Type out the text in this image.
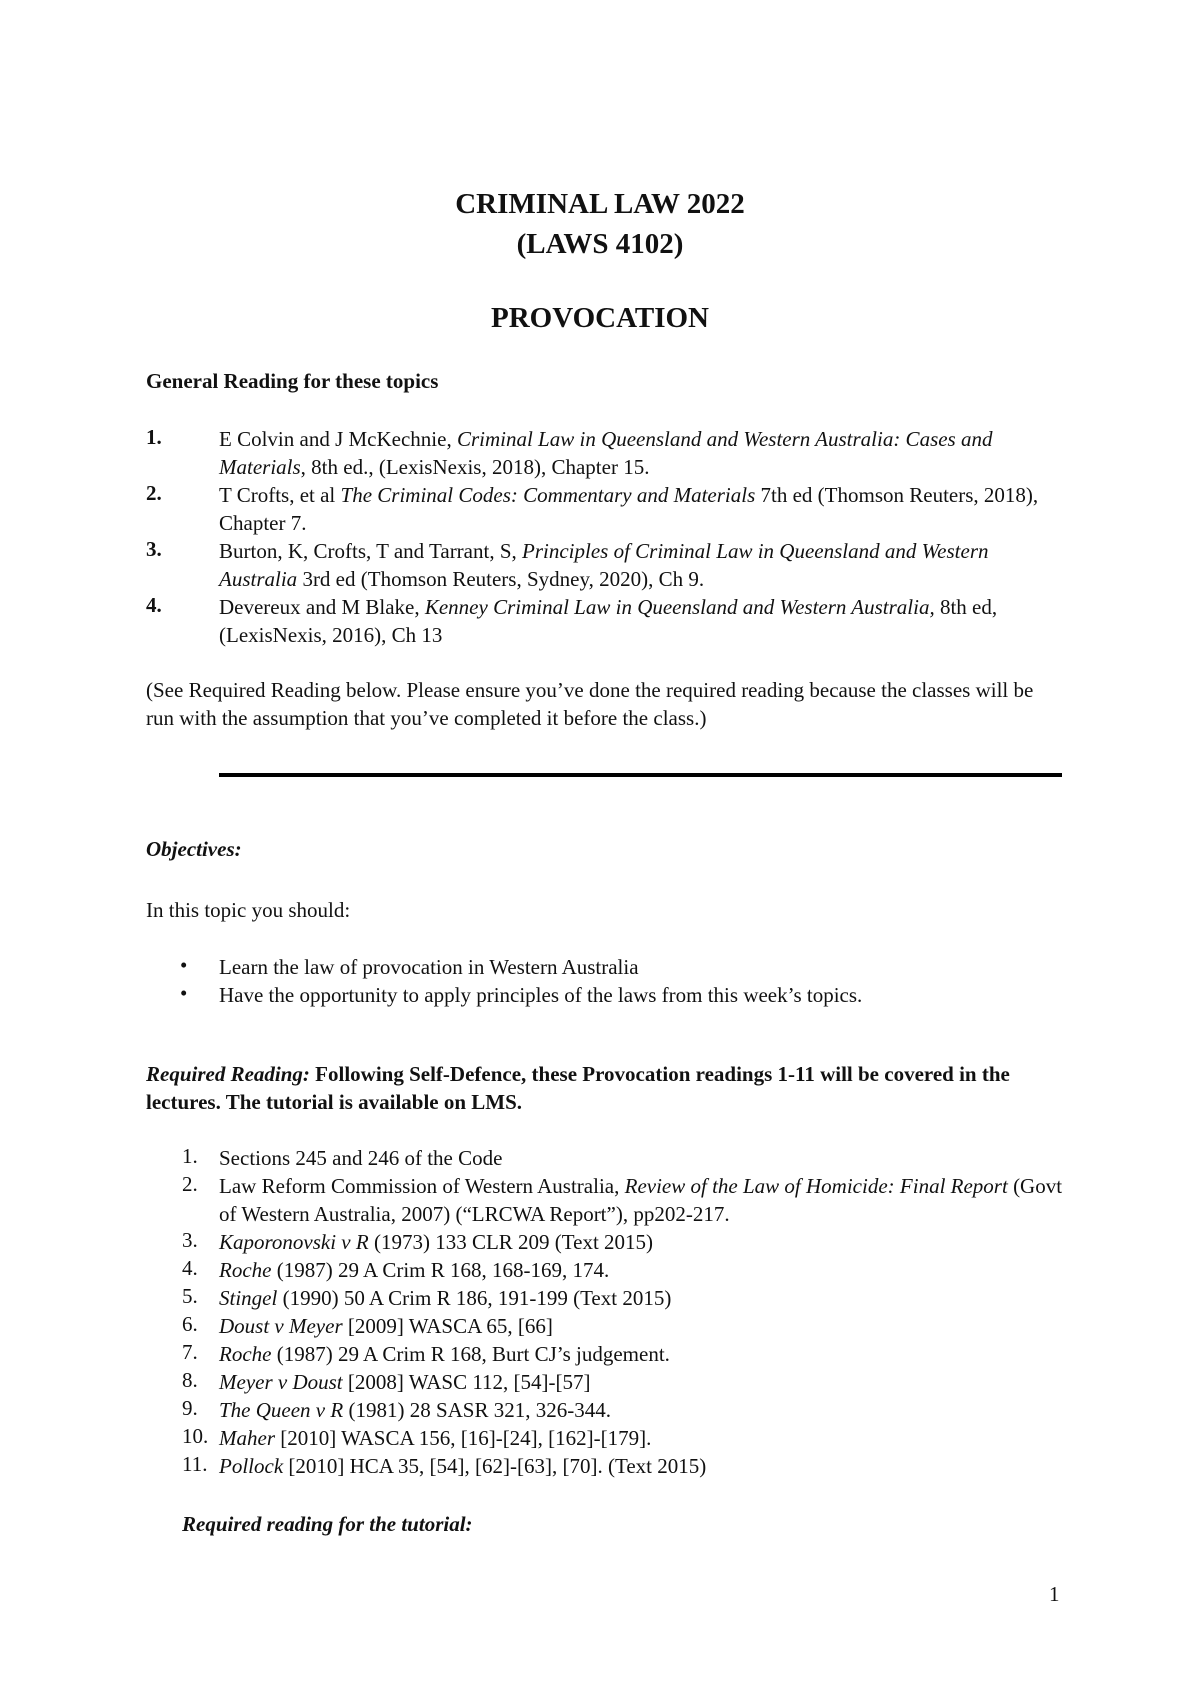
CRIMINAL LAW 2022

(LAWS 4102)

PROVOCATION

General Reading for these topics

1.	E Colvin and J McKechnie, Criminal Law in Queensland and Western Australia: Cases and Materials, 8th ed., (LexisNexis, 2018), Chapter 15.
2.	T Crofts, et al The Criminal Codes: Commentary and Materials 7th ed (Thomson Reuters, 2018), Chapter 7.
3.	Burton, K, Crofts, T and Tarrant, S, Principles of Criminal Law in Queensland and Western Australia 3rd ed (Thomson Reuters, Sydney, 2020), Ch 9.
4.	Devereux and M Blake, Kenney Criminal Law in Queensland and Western Australia, 8th ed, (LexisNexis, 2016), Ch 13

(See Required Reading below. Please ensure you’ve done the required reading because the classes will be run with the assumption that you’ve completed it before the class.)

Objectives:

In this topic you should:

• Learn the law of provocation in Western Australia

• Have the opportunity to apply principles of the laws from this week’s topics.

Required Reading: Following Self-Defence, these Provocation readings 1-11 will be covered in the lectures. The tutorial is available on LMS.

1.	Sections 245 and 246 of the Code

2.	Law Reform Commission of Western Australia, Review of the Law of Homicide: Final Report (Govt of Western Australia, 2007) (“LRCWA Report”), pp202-217.

3.	Kaporonovski v R (1973) 133 CLR 209 (Text 2015)

4.	Roche (1987) 29 A Crim R 168, 168-169, 174.

5.	Stingel (1990) 50 A Crim R 186, 191-199 (Text 2015)

6.	Doust v Meyer [2009] WASCA 65, [66]

7.	Roche (1987) 29 A Crim R 168, Burt CJ’s judgement.

8.	Meyer v Doust [2008] WASC 112, [54]-[57]

9.	The Queen v R (1981) 28 SASR 321, 326-344.

10. Maher [2010] WASCA 156, [16]-[24], [162]-[179].

11. Pollock [2010] HCA 35, [54], [62]-[63], [70]. (Text 2015)

Required reading for the tutorial:

1
